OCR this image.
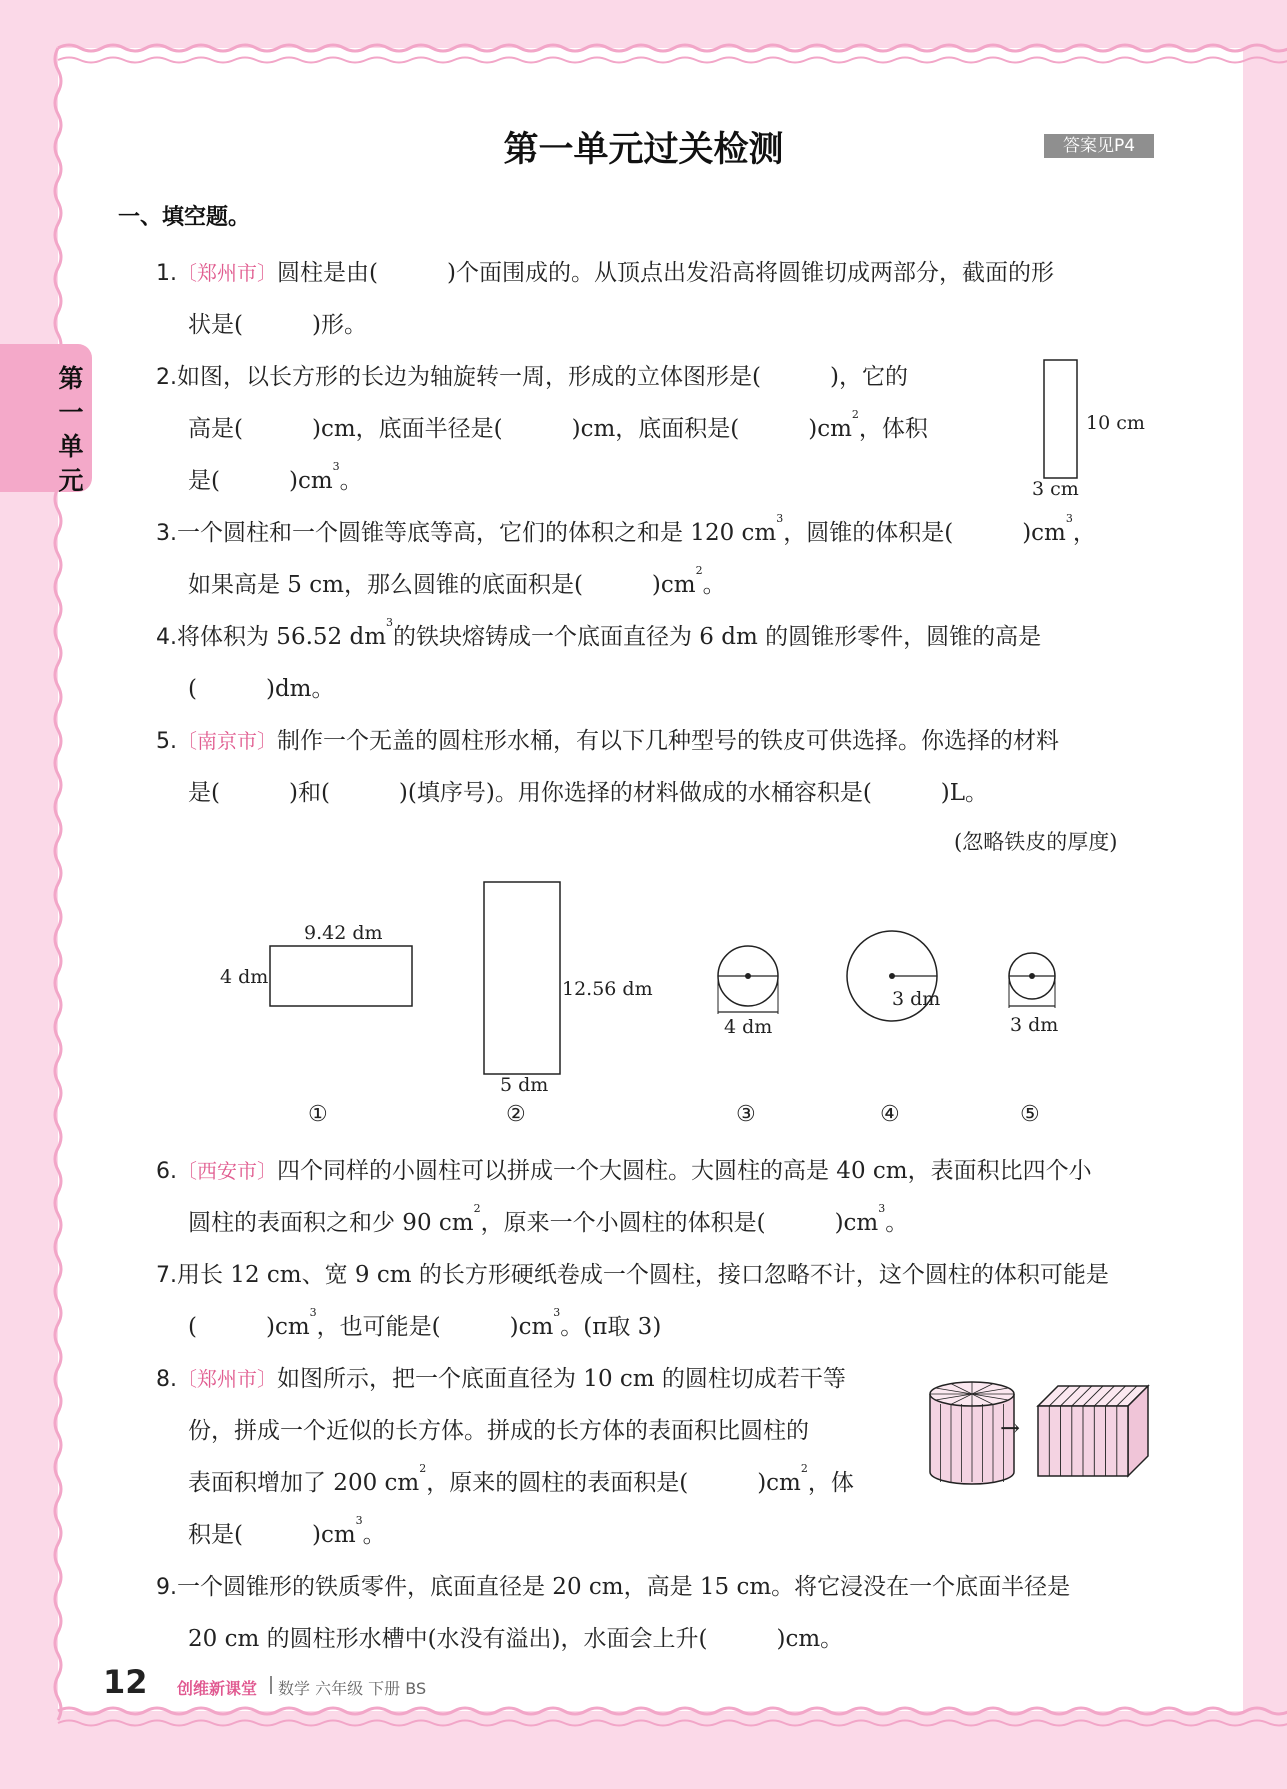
第一单元
第一单元过关检测	答案见P4
一、填空题。
1.〔郑州市〕圆柱是由(　　　)个面围成的。从顶点出发沿高将圆锥切成两部分，截面的形
状是(　　　)形。
2.如图，以长方形的长边为轴旋转一周，形成的立体图形是(　　　)，它的
高是(　　　)cm，底面半径是(　　　)cm，底面积是(　　　)$cm^2$，体积
是(　　　)$cm^3$。
10 cm
3 cm
3.一个圆柱和一个圆锥等底等高，它们的体积之和是 120 $cm^3$，圆锥的体积是(　　　)$cm^3$，
如果高是 5 cm，那么圆锥的底面积是(　　　)$cm^2$。
4.将体积为 56.52 $dm^3$的铁块熔铸成一个底面直径为 6 dm 的圆锥形零件，圆锥的高是
(　　　)dm。
5.〔南京市〕制作一个无盖的圆柱形水桶，有以下几种型号的铁皮可供选择。你选择的材料
是(　　　)和(　　　)(填序号)。用你选择的材料做成的水桶容积是(　　　)L。
(忽略铁皮的厚度)
9.42 dm
4 dm
12.56 dm
5 dm
4 dm
3 dm
3 dm
①	②	③	④	⑤
6.〔西安市〕四个同样的小圆柱可以拼成一个大圆柱。大圆柱的高是 40 cm，表面积比四个小
圆柱的表面积之和少 90 $cm^2$，原来一个小圆柱的体积是(　　　)$cm^3$。
7.用长 12 cm、宽 9 cm 的长方形硬纸卷成一个圆柱，接口忽略不计，这个圆柱的体积可能是
(　　　)$cm^3$，也可能是(　　　)$cm^3$。(π取 3)
8.〔郑州市〕如图所示，把一个底面直径为 10 cm 的圆柱切成若干等
份，拼成一个近似的长方体。拼成的长方体的表面积比圆柱的
表面积增加了 200 $cm^2$，原来的圆柱的表面积是(　　　)$cm^2$，体
积是(　　　)$cm^3$。
→
9.一个圆锥形的铁质零件，底面直径是 20 cm，高是 15 cm。将它浸没在一个底面半径是
20 cm 的圆柱形水槽中(水没有溢出)，水面会上升(　　　)cm。
12 创维新课堂 数学 六年级 下册 BS
